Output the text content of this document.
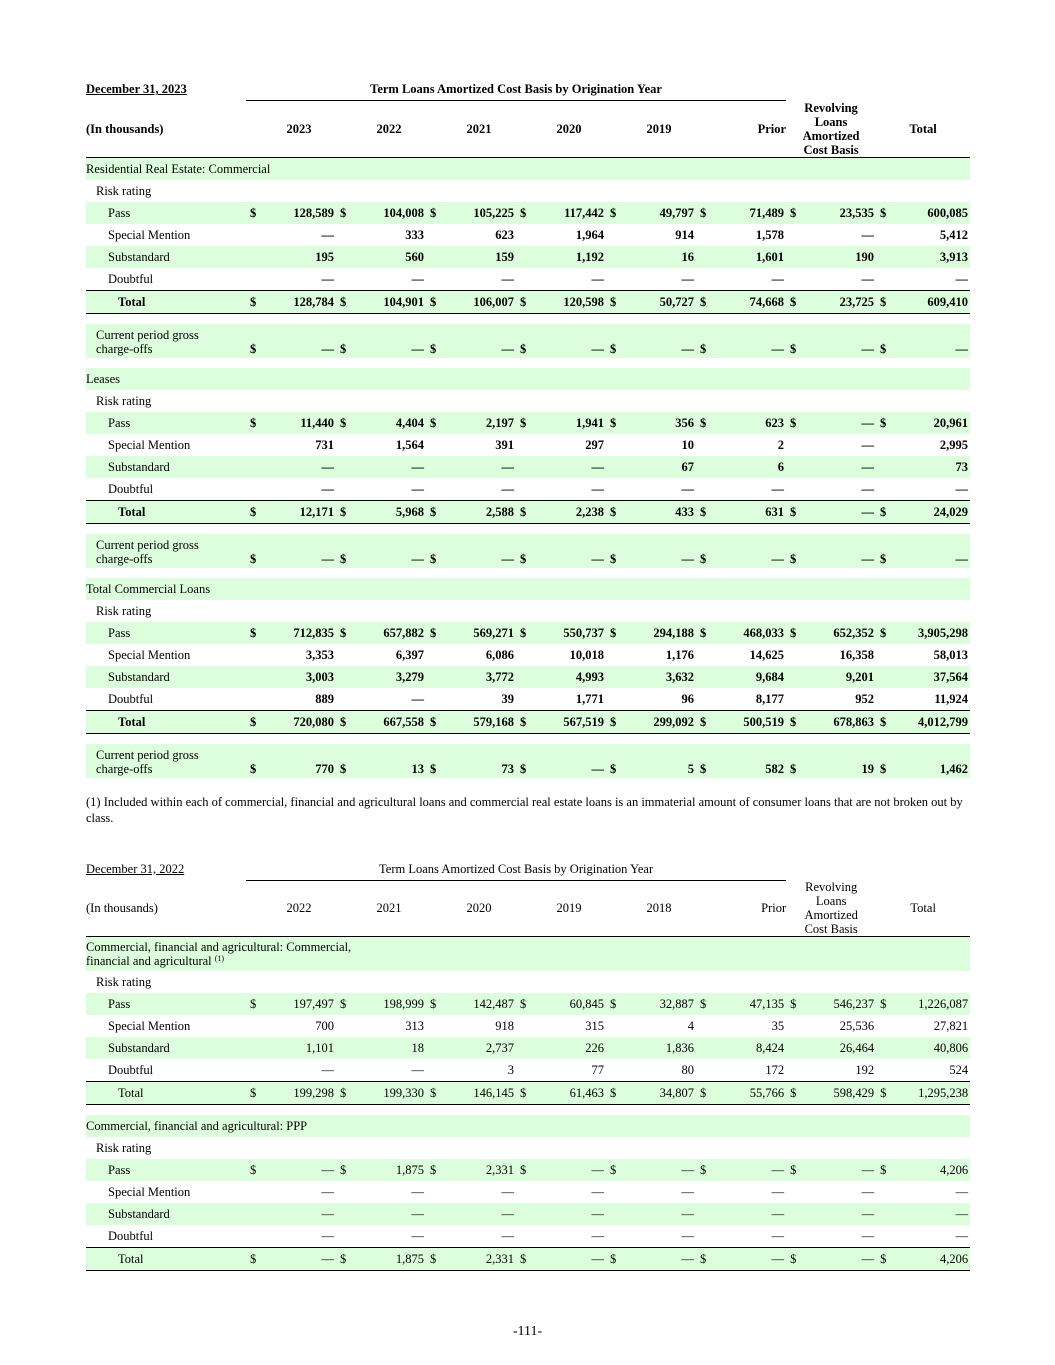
December 31, 2023	Term Loans Amortized Cost Basis by Origination Year															
(In thousands)		2023		2022		2021		2020		2019		Prior	Revolving
Loans
Amortized
Cost Basis		Total	
Residential Real Estate: Commercial																
Risk rating																
Pass	$	128,589	$	104,008	$	105,225	$	117,442	$	49,797	$	71,489	$	23,535	$	600,085
Special Mention		—		333		623		1,964		914		1,578		—		5,412
Substandard		195		560		159		1,192		16		1,601		190		3,913
Doubtful		—		—		—		—		—		—		—		—
Total	$	128,784	$	104,901	$	106,007	$	120,598	$	50,727	$	74,668	$	23,725	$	609,410

Current period gross
charge-offs	$	—	$	—	$	—	$	—	$	—	$	—	$	—	$	—

Leases																
Risk rating																
Pass	$	11,440	$	4,404	$	2,197	$	1,941	$	356	$	623	$	—	$	20,961
Special Mention		731		1,564		391		297		10		2		—		2,995
Substandard		—		—		—		—		67		6		—		73
Doubtful		—		—		—		—		—		—		—		—
Total	$	12,171	$	5,968	$	2,588	$	2,238	$	433	$	631	$	—	$	24,029

Current period gross
charge-offs	$	—	$	—	$	—	$	—	$	—	$	—	$	—	$	—

Total Commercial Loans																
Risk rating																
Pass	$	712,835	$	657,882	$	569,271	$	550,737	$	294,188	$	468,033	$	652,352	$	3,905,298
Special Mention		3,353		6,397		6,086		10,018		1,176		14,625		16,358		58,013
Substandard		3,003		3,279		3,772		4,993		3,632		9,684		9,201		37,564
Doubtful		889		—		39		1,771		96		8,177		952		11,924
Total	$	720,080	$	667,558	$	579,168	$	567,519	$	299,092	$	500,519	$	678,863	$	4,012,799

Current period gross
charge-offs	$	770	$	13	$	73	$	—	$	5	$	582	$	19	$	1,462

(1) Included within each of commercial, financial and agricultural loans and commercial real estate loans is an immaterial amount of consumer loans that are not broken out by class.
December 31, 2022	Term Loans Amortized Cost Basis by Origination Year															
(In thousands)		2022		2021		2020		2019		2018		Prior	Revolving
Loans
Amortized
Cost Basis		Total	
Commercial, financial and agricultural: Commercial,
financial and agricultural $^{(1)}$
Risk rating																
Pass	$	197,497	$	198,999	$	142,487	$	60,845	$	32,887	$	47,135	$	546,237	$	1,226,087
Special Mention		700		313		918		315		4		35		25,536		27,821
Substandard		1,101		18		2,737		226		1,836		8,424		26,464		40,806
Doubtful		—		—		3		77		80		172		192		524
Total	$	199,298	$	199,330	$	146,145	$	61,463	$	34,807	$	55,766	$	598,429	$	1,295,238

Commercial, financial and agricultural: PPP																
Risk rating																
Pass	$	—	$	1,875	$	2,331	$	—	$	—	$	—	$	—	$	4,206
Special Mention		—		—		—		—		—		—		—		—
Substandard		—		—		—		—		—		—		—		—
Doubtful		—		—		—		—		—		—		—		—
Total	$	—	$	1,875	$	2,331	$	—	$	—	$	—	$	—	$	4,206
-111-
